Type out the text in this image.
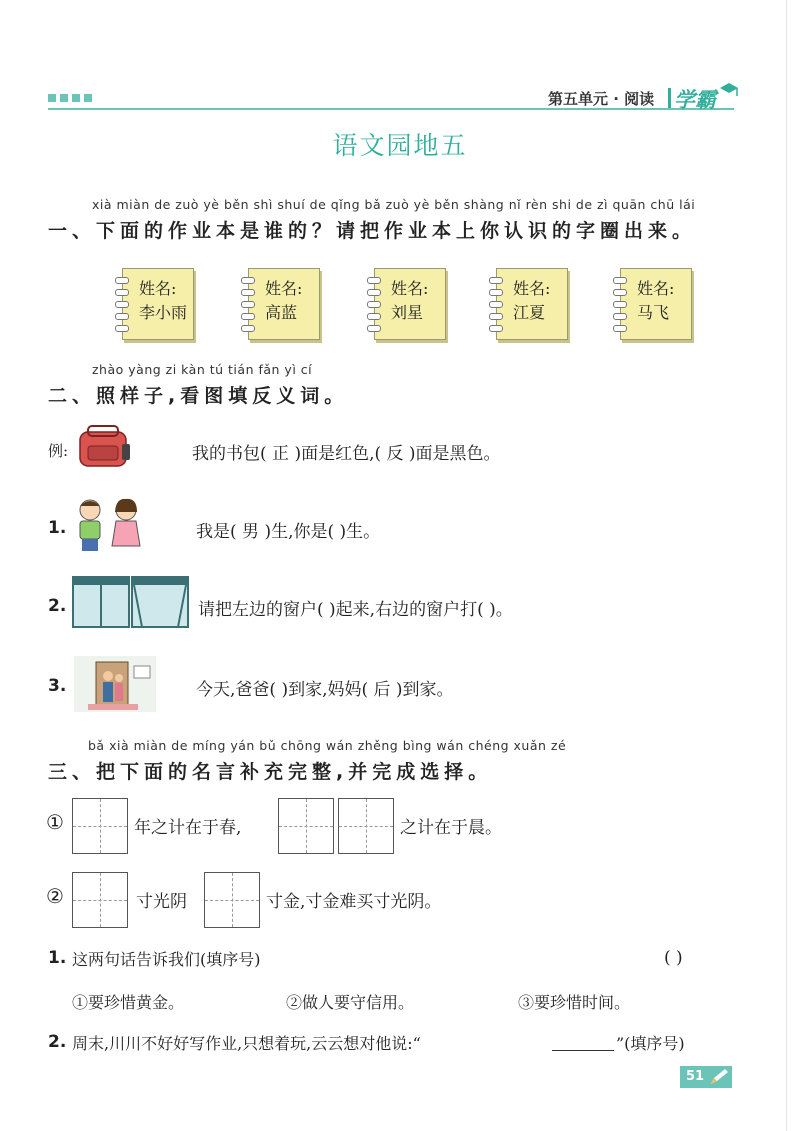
第五单元 · 阅读 学霸
语文园地五
xià miàn de zuò yè běn shì shuí de qǐng bǎ zuò yè běn shàng nǐ rèn shi de zì quān chū lái
一、下面的作业本是谁的？请把作业本上你认识的字圈出来。
姓名:
李小雨
姓名:
高蓝
姓名:
刘星
姓名:
江夏
姓名:
马飞
zhào yàng zi kàn tú tián fǎn yì cí
二、照样子,看图填反义词。
例:	我的书包( 正 )面是红色,( 反 )面是黑色。
1.	我是( 男 )生,你是( )生。
2.	请把左边的窗户( )起来,右边的窗户打( )。
3.	今天,爸爸( )到家,妈妈( 后 )到家。
bǎ xià miàn de míng yán bǔ chōng wán zhěng bìng wán chéng xuǎn zé
三、把下面的名言补充完整,并完成选择。
①	年之计在于春,	之计在于晨。
②	寸光阴	寸金,寸金难买寸光阴。
1. 这两句话告诉我们(填序号)	( )
①要珍惜黄金。	②做人要守信用。	③要珍惜时间。
2. 周末,川川不好好写作业,只想着玩,云云想对他说:“	”(填序号)
51
